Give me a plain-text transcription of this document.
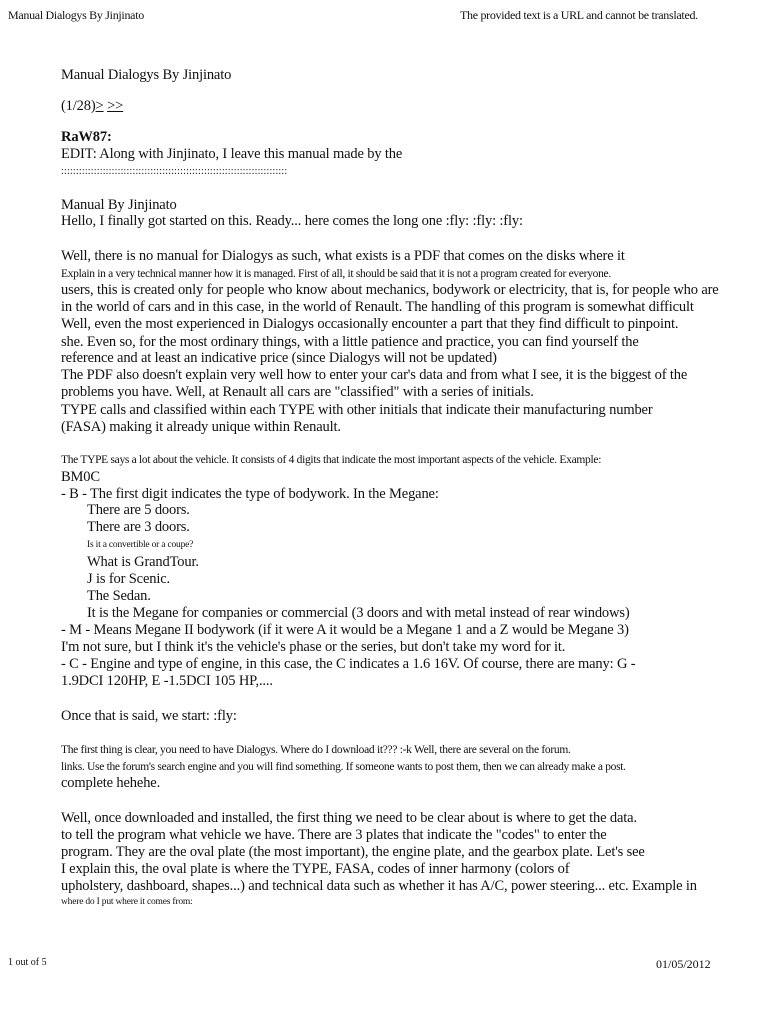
Manual Dialogys By Jinjinato	The provided text is a URL and cannot be translated.
Manual Dialogys By Jinjinato
(1/28)> >>
RaW87:
EDIT: Along with Jinjinato, I leave this manual made by the
::::::::::::::::::::::::::::::::::::::::::::::::::::::::::::::::::::::::::::
Manual By Jinjinato
Hello, I finally got started on this. Ready... here comes the long one :fly: :fly: :fly:
Well, there is no manual for Dialogys as such, what exists is a PDF that comes on the disks where it
Explain in a very technical manner how it is managed. First of all, it should be said that it is not a program created for everyone.
users, this is created only for people who know about mechanics, bodywork or electricity, that is, for people who are
in the world of cars and in this case, in the world of Renault. The handling of this program is somewhat difficult
Well, even the most experienced in Dialogys occasionally encounter a part that they find difficult to pinpoint.
she. Even so, for the most ordinary things, with a little patience and practice, you can find yourself the
reference and at least an indicative price (since Dialogys will not be updated)
The PDF also doesn't explain very well how to enter your car's data and from what I see, it is the biggest of the
problems you have. Well, at Renault all cars are "classified" with a series of initials.
TYPE calls and classified within each TYPE with other initials that indicate their manufacturing number
(FASA) making it already unique within Renault.
The TYPE says a lot about the vehicle. It consists of 4 digits that indicate the most important aspects of the vehicle. Example:
BM0C
- B - The first digit indicates the type of bodywork. In the Megane:
There are 5 doors.
There are 3 doors.
Is it a convertible or a coupe?
What is GrandTour.
J is for Scenic.
The Sedan.
It is the Megane for companies or commercial (3 doors and with metal instead of rear windows)
- M - Means Megane II bodywork (if it were A it would be a Megane 1 and a Z would be Megane 3)
I'm not sure, but I think it's the vehicle's phase or the series, but don't take my word for it.
- C - Engine and type of engine, in this case, the C indicates a 1.6 16V. Of course, there are many: G -
1.9DCI 120HP, E -1.5DCI 105 HP,....
Once that is said, we start: :fly:
The first thing is clear, you need to have Dialogys. Where do I download it??? :-k Well, there are several on the forum.
links. Use the forum's search engine and you will find something. If someone wants to post them, then we can already make a post.
complete hehehe.
Well, once downloaded and installed, the first thing we need to be clear about is where to get the data.
to tell the program what vehicle we have. There are 3 plates that indicate the "codes" to enter the
program. They are the oval plate (the most important), the engine plate, and the gearbox plate. Let's see
I explain this, the oval plate is where the TYPE, FASA, codes of inner harmony (colors of
upholstery, dashboard, shapes...) and technical data such as whether it has A/C, power steering... etc. Example in
where do I put where it comes from:
1 out of 5	01/05/2012
